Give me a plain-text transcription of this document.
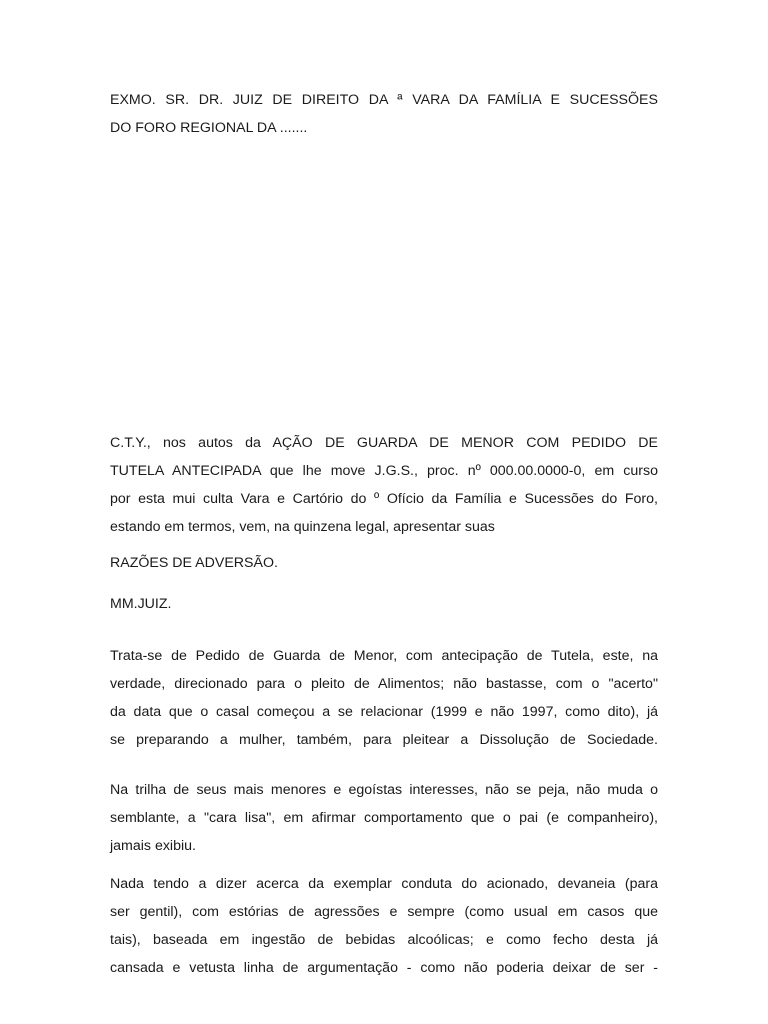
EXMO. SR. DR. JUIZ DE DIREITO DA ª VARA DA FAMÍLIA E SUCESSÕES
DO FORO REGIONAL DA .......
C.T.Y., nos autos da AÇÃO DE GUARDA DE MENOR COM PEDIDO DE
TUTELA ANTECIPADA que lhe move J.G.S., proc. nº 000.00.0000-0, em curso
por esta mui culta Vara e Cartório do º Ofício da Família e Sucessões do Foro,
estando em termos, vem, na quinzena legal, apresentar suas
RAZÕES DE ADVERSÃO.
MM.JUIZ.
Trata-se de Pedido de Guarda de Menor, com antecipação de Tutela, este, na
verdade, direcionado para o pleito de Alimentos; não bastasse, com o "acerto"
da data que o casal começou a se relacionar (1999 e não 1997, como dito), já
se preparando a mulher, também, para pleitear a Dissolução de Sociedade.
Na trilha de seus mais menores e egoístas interesses, não se peja, não muda o
semblante, a "cara lisa", em afirmar comportamento que o pai (e companheiro),
jamais exibiu.
Nada tendo a dizer acerca da exemplar conduta do acionado, devaneia (para
ser gentil), com estórias de agressões e sempre (como usual em casos que
tais), baseada em ingestão de bebidas alcoólicas; e como fecho desta já
cansada e vetusta linha de argumentação - como não poderia deixar de ser -
